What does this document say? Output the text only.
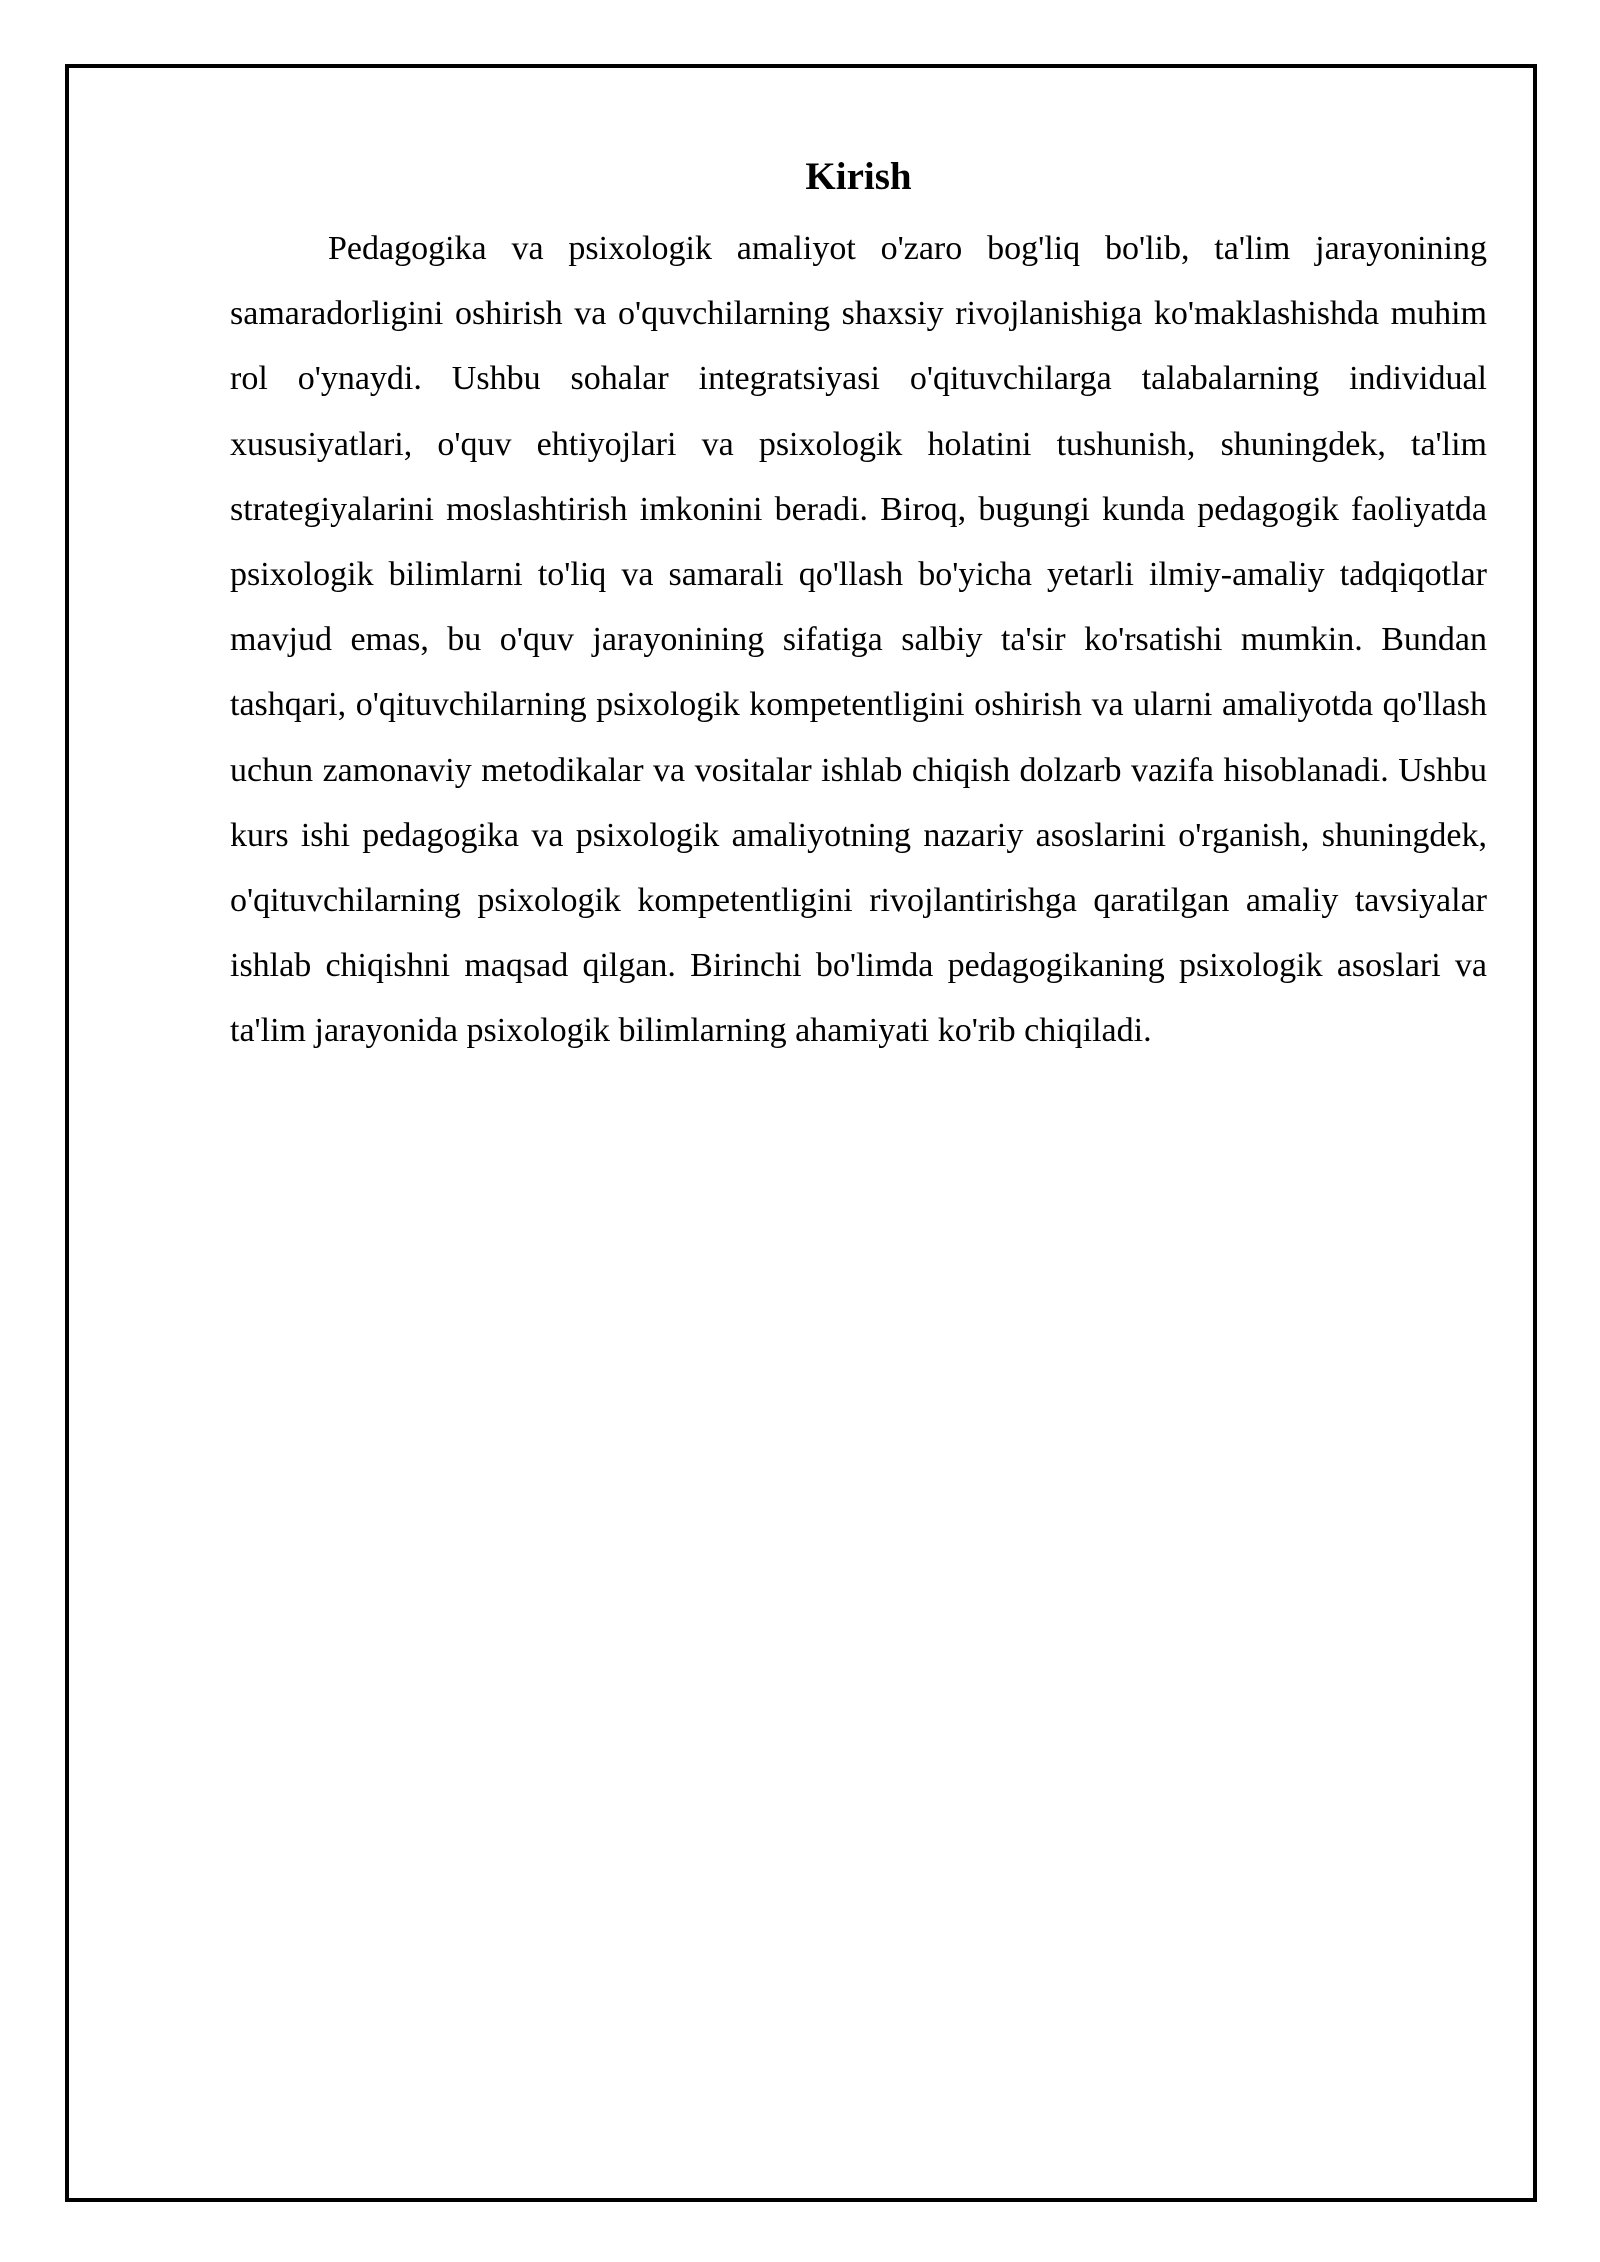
Kirish

Pedagogika va psixologik amaliyot o'zaro bog'liq bo'lib, ta'lim jarayonining samaradorligini oshirish va o'quvchilarning shaxsiy rivojlanishiga ko'maklashishda muhim rol o'ynaydi. Ushbu sohalar integratsiyasi o'qituvchilarga talabalarning individual xususiyatlari, o'quv ehtiyojlari va psixologik holatini tushunish, shuningdek, ta'lim strategiyalarini moslashtirish imkonini beradi. Biroq, bugungi kunda pedagogik faoliyatda psixologik bilimlarni to'liq va samarali qo'llash bo'yicha yetarli ilmiy-amaliy tadqiqotlar mavjud emas, bu o'quv jarayonining sifatiga salbiy ta'sir ko'rsatishi mumkin. Bundan tashqari, o'qituvchilarning psixologik kompetentligini oshirish va ularni amaliyotda qo'llash uchun zamonaviy metodikalar va vositalar ishlab chiqish dolzarb vazifa hisoblanadi. Ushbu kurs ishi pedagogika va psixologik amaliyotning nazariy asoslarini o'rganish, shuningdek, o'qituvchilarning psixologik kompetentligini rivojlantirishga qaratilgan amaliy tavsiyalar ishlab chiqishni maqsad qilgan. Birinchi bo'limda pedagogikaning psixologik asoslari va ta'lim jarayonida psixologik bilimlarning ahamiyati ko'rib chiqiladi.
